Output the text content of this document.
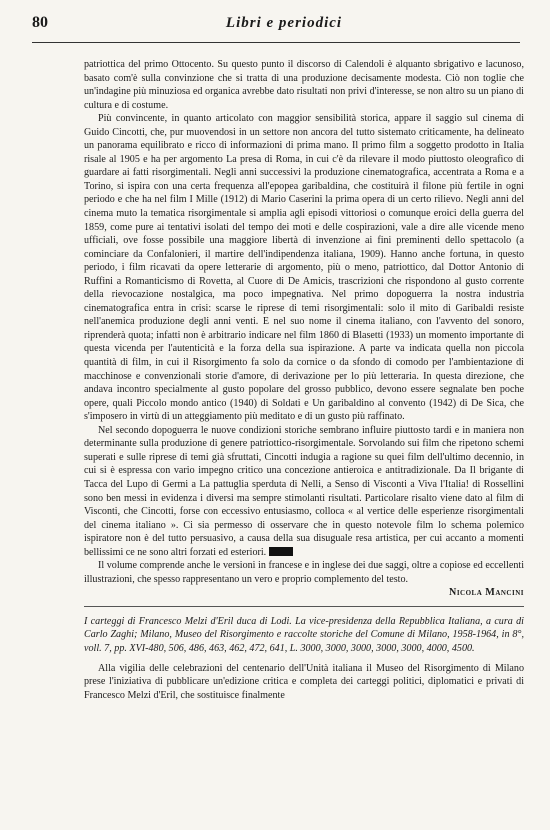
80	Libri e periodici

patriottica del primo Ottocento. Su questo punto il discorso di Calendoli è alquanto sbrigativo e lacunoso, basato com'è sulla convinzione che si tratta di una produzione decisamente modesta. Ciò non toglie che un'indagine più minuziosa ed organica avrebbe dato risultati non privi d'interesse, se non altro su un piano di cultura e di costume.

Più convincente, in quanto articolato con maggior sensibilità storica, appare il saggio sul cinema di Guido Cincotti, che, pur muovendosi in un settore non ancora del tutto sistemato criticamente, ha delineato un panorama equilibrato e ricco di informazioni di prima mano. Il primo film a soggetto prodotto in Italia risale al 1905 e ha per argomento La presa di Roma, in cui c'è da rilevare il modo piuttosto oleografico di guardare ai fatti risorgimentali. Negli anni successivi la produzione cinematografica, accentrata a Roma e a Torino, si ispira con una certa frequenza all'epopea garibaldina, che costituirà il filone più fertile in ogni periodo e che ha nel film I Mille (1912) di Mario Caserini la prima opera di un certo rilievo. Negli anni del cinema muto la tematica risorgimentale si amplia agli episodi vittoriosi o comunque eroici della guerra del 1859, come pure ai tentativi isolati del tempo dei moti e delle cospirazioni, vale a dire alle vicende meno ufficiali, ove fosse possibile una maggiore libertà di invenzione ai fini preminenti dello spettacolo (a cominciare da Confalonieri, il martire dell'indipendenza italiana, 1909). Hanno anche fortuna, in questo periodo, i film ricavati da opere letterarie di argomento, più o meno, patriottico, dal Dottor Antonio di Ruffini a Romanticismo di Rovetta, al Cuore di De Amicis, trascrizioni che rispondono al gusto corrente della rievocazione nostalgica, ma poco impegnativa. Nel primo dopoguerra la nostra industria cinematografica entra in crisi: scarse le riprese di temi risorgimentali: solo il mito di Garibaldi resiste nell'anemica produzione degli anni venti. E nel suo nome il cinema italiano, con l'avvento del sonoro, riprenderà quota; infatti non è arbitrario indicare nel film 1860 di Blasetti (1933) un momento importante di questa vicenda per l'autenticità e la forza della sua ispirazione. A parte va indicata quella non piccola quantità di film, in cui il Risorgimento fa solo da cornice o da sfondo di comodo per l'ambientazione di macchinose e convenzionali storie d'amore, di derivazione per lo più letteraria. In questa direzione, che andava incontro specialmente al gusto popolare del grosso pubblico, devono essere segnalate ben poche opere, quali Piccolo mondo antico (1940) di Soldati e Un garibaldino al convento (1942) di De Sica, che s'imposero in virtù di un atteggiamento più meditato e di un gusto più raffinato.

Nel secondo dopoguerra le nuove condizioni storiche sembrano influire piuttosto tardi e in maniera non determinante sulla produzione di genere patriottico-risorgimentale. Sorvolando sui film che ripetono schemi superati e sulle riprese di temi già sfruttati, Cincotti indugia a ragione su quei film dell'ultimo decennio, in cui si è espressa con vario impegno critico una concezione antieroica e antitradizionale. Da Il brigante di Tacca del Lupo di Germi a La pattuglia sperduta di Nelli, a Senso di Visconti a Viva l'Italia! di Rossellini sono ben messi in evidenza i diversi ma sempre stimolanti risultati. Particolare risalto viene dato al film di Visconti, che Cincotti, forse con eccessivo entusiasmo, colloca « al vertice delle esperienze risorgimentali del cinema italiano ». Ci sia permesso di osservare che in questo notevole film lo schema polemico ispiratore non è del tutto persuasivo, a causa della sua disuguale resa artistica, per cui accanto a momenti bellissimi ce ne sono altri forzati ed esteriori.

Il volume comprende anche le versioni in francese e in inglese dei due saggi, oltre a copiose ed eccellenti illustrazioni, che spesso rappresentano un vero e proprio complemento del testo.

Nicola Mancini

I carteggi di Francesco Melzi d'Eril duca di Lodi. La vice-presidenza della Repubblica Italiana, a cura di Carlo Zaghi; Milano, Museo del Risorgimento e raccolte storiche del Comune di Milano, 1958-1964, in 8°, voll. 7, pp. XVI-480, 506, 486, 463, 462, 472, 641, L. 3000, 3000, 3000, 3000, 3000, 4000, 4500.

Alla vigilia delle celebrazioni del centenario dell'Unità italiana il Museo del Risorgimento di Milano prese l'iniziativa di pubblicare un'edizione critica e completa dei carteggi politici, diplomatici e privati di Francesco Melzi d'Eril, che sostituisce finalmente
